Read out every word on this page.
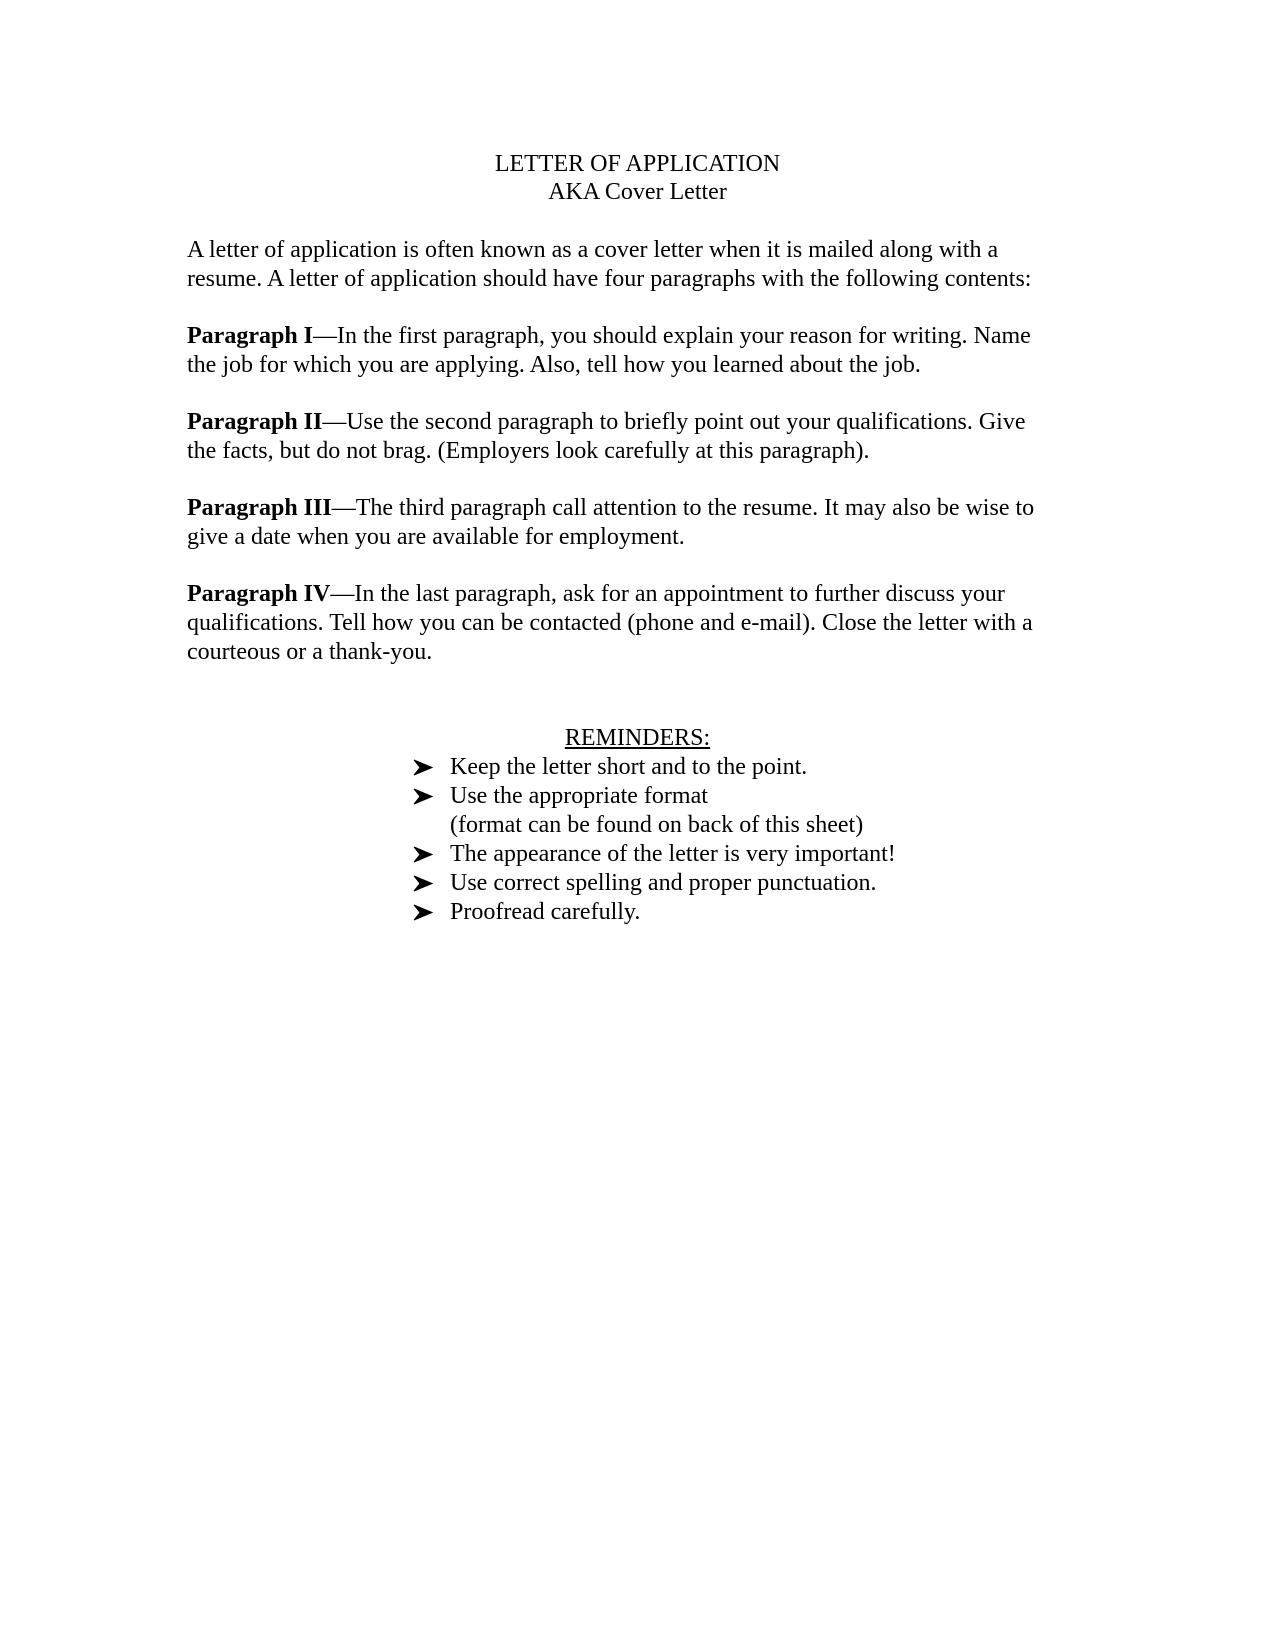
LETTER OF APPLICATION
AKA Cover Letter
A letter of application is often known as a cover letter when it is mailed along with a
resume. A letter of application should have four paragraphs with the following contents:
Paragraph I—In the first paragraph, you should explain your reason for writing. Name
the job for which you are applying. Also, tell how you learned about the job.
Paragraph II—Use the second paragraph to briefly point out your qualifications. Give
the facts, but do not brag. (Employers look carefully at this paragraph).
Paragraph III—The third paragraph call attention to the resume. It may also be wise to
give a date when you are available for employment.
Paragraph IV—In the last paragraph, ask for an appointment to further discuss your
qualifications. Tell how you can be contacted (phone and e-mail). Close the letter with a
courteous or a thank-you.
REMINDERS:
Keep the letter short and to the point.
Use the appropriate format
(format can be found on back of this sheet)
The appearance of the letter is very important!
Use correct spelling and proper punctuation.
Proofread carefully.
